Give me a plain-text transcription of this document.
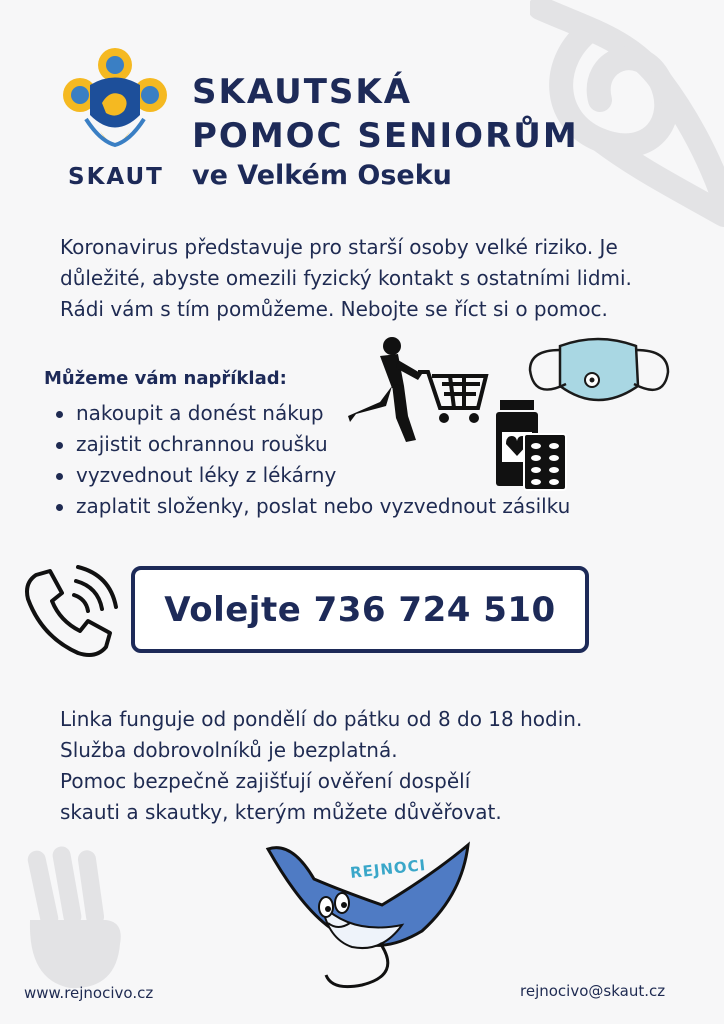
SKAUT
SKAUTSKÁ
POMOC SENIORŮM
ve Velkém Oseku
Koronavirus představuje pro starší osoby velké riziko. Je
důležité, abyste omezili fyzický kontakt s ostatními lidmi.
Rádi vám s tím pomůžeme. Nebojte se říct si o pomoc.
Můžeme vám například:
nakoupit a donést nákup
zajistit ochrannou roušku
vyzvednout léky z lékárny
zaplatit složenky, poslat nebo vyzvednout zásilku
Volejte 736 724 510
Linka funguje od pondělí do pátku od 8 do 18 hodin.
Služba dobrovolníků je bezplatná.
Pomoc bezpečně zajišťují ověření dospělí
skauti a skautky, kterým můžete důvěřovat.
REJNOCI
www.rejnocivo.cz	rejnocivo@skaut.cz
